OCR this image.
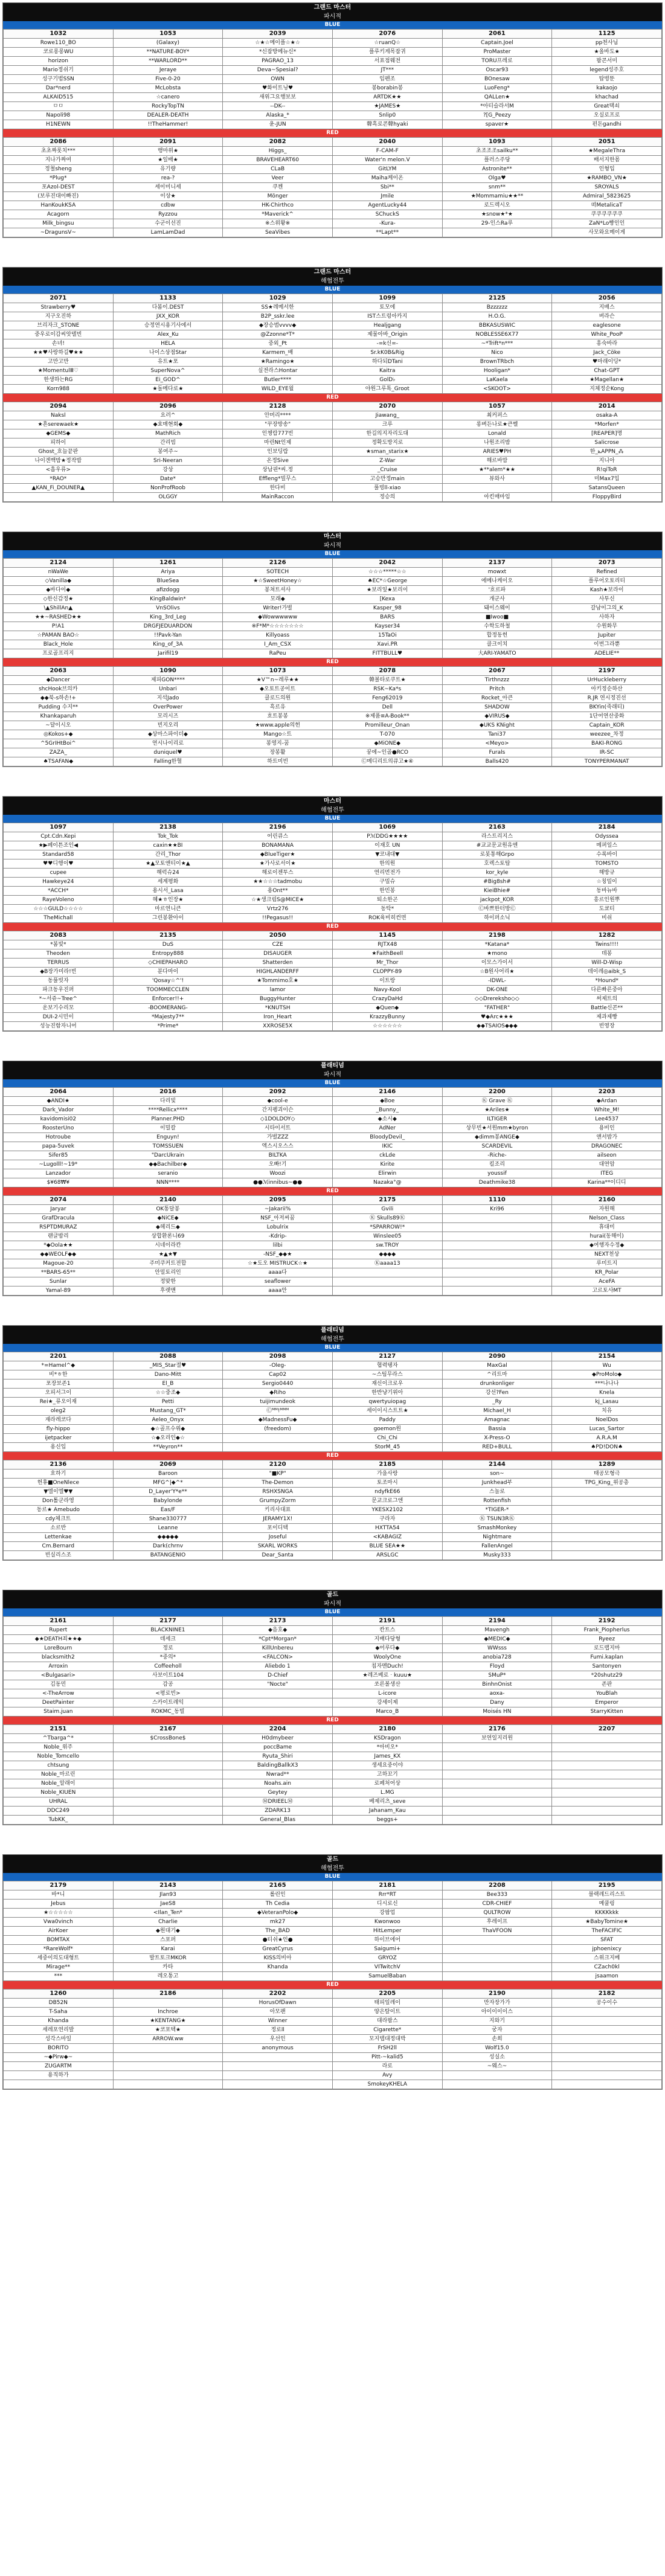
그랜드 마스터
파시적
BLUE
1032	1053	2039	2076	2061	1125
Rowe110_BO	(Galaxy)	☆★☆메이플☆★☆	☆ruanQ☆	Captain.Joel	pp천사님
코로롱롱WU	**NATURE-BOY*	*신잡방메뉴신*	플루키게목잡귀	ProMaster	★올바도★
horizon	**WARLORD**	PAGRAO_13	서표점웨전	TORU프레로	팝콘서미
Mario정쉬기	Jeraye	Deva~Spesial?	JT***	Oscar93	legend성주호
성구기범SSN	Five-0-20	OWN	임펜조	BOnesaw	탑벙뚠
Dar*nerd	McLobsta	♥화이트닝♥	봉borabin봉	LuoFeng*	kakaojo
ALKAID515	☆canero	새위그요행보보	ARTDK★★	QALLen★	khachad
ㅁㅁ	RockyTopTN	--DK--	★JAMES★	*아티슬라서M	Great택쇠
Napoli98	DEALER-DEATH	Alaska_*	Snlip0	?[G_Peezy	오실로프로
H1NEWN	!!TheHammer!	윤-JUN	韓흑로콘韓hyaki	spaver★	펀돈gandhi
RED
2086	2091	2082	2040	1093	2051
초초짜롯치***	행마위★	Higgs_	F-CAM-F	초조조조sailku**	★MegaleThra
지나가짜여	★일배★	BRAVEHEART60	Water'n melon.V	플러스주당	배서지한몸
정철sheng	유기량	CLaB	GitLYM	Astronite**	인형입
*Plug*	rea-?	Veer	Maiha케이온	Olga♥	★RAMBO_VN★
포Azol-DEST	세이미니세	쿠켄	Sbi**	snm**	SROYALS
(보루진대이빠진)	이상★	Mönger	Jmile	★Mommamiu★★**	Admiral_5823625
HanKoukKSA	cdbw	HK-Chirthco	AgentLucky44	로드렉시오	떠MetalicaT
Acagorn	Ryzzou	*Maverick^	SChuckS	★snow★*★	쿠쿠쿠쿠쿠쿠
Milk_bingsu	수군이선진	※스위왕※	-Kura-	29-인스Ra루	ZaN*Lo빵인인
~DragunsV~	LamLamDad	SeaVibes	**Lapt**		사모와요메이게
그랜드 마스터
해협전투
BLUE
2071	1133	1029	1099	2125	2056
Strawberry♥	다봄이.DEST	SS★레메서한	토모에	Bzzzzzz	지배스
지구오진하	JXX_KOR	B2P_sskr.lee	IST스트렁아카지	H.O.G.	버라슨
브리자크_STONE	승정연시용기사에서	◆장승범vvvv◆	Healjgang	BBKASUSWIC	eaglesone
중우로이감씨앗텔빈	Alex_Ku	@Zzonne*T*	제물아바_Origin	NOBLESSE6X77	White_PooP
손녀!	HELA	중외_Pt	-=k신=-	~*Trift*n***	흥숙바라
★★♥사랑하길♥★★	나이스상점Star	Karmem_배	Sr.kK0B&Rig	Nico	Jack_Cöke
고만고만	유트★포	★Ramingo★	하다되DTani	BrownTRbch	♥마래이딩*
★MomentulⅢ♡	SuperNova^	실전라스Hontar	Kaitra	Hooligan*	Chat-GPT
한생하는RG	Ei_GOD^	Butler****	GolD♭	LaKaela	★Magellan★
Korn988	★돌메다로★	WILD_EYE월	야원그루톡_Groot	<SKOOT>	지체정순Kong
RED
2094	2096	2128	2070	1057	2014
Naksl	요러^	안머리****	Jiawang_	최커퍼스	osaka-A
★흔serewaek★	◆효매현회◆	"꾸장방송"	크루	롱벼든나로★큰벨	*Morfen*
◆GEMS◆	MathRich	인챙랍777빈	한길의지자리도대	Lonald	[REAPER]명
피하이	간리빔	마린Nt인제	정확도방지로	나원조리밤	Salicrose
Ghost_흐늘끝판	봉여주~	인보딩랍	★sman_starix★	ARIES♥PH	한_ݺAPPN_⁂
나이겐백밤★정작밥	Sri-Neeran	온정Sive	Z-War	해르바맘	지니아
<흡우류>	강상	상남핀*씨.정	_Cruise	★**alem*★★	R!qiToR
*RAO*	Date*	Effleng*빌무스	고승만정main	뷰와사	미Max7입
▲KAN_Fi_DOUNER▲	NonProfRoob	한다비	풀빙ll-xiao		SatansQueen
	OLGGY	MainRaccon	정승의	아킨매마임	FloppyBird
마스터
파시적
BLUE
2124	1261	2126	2042	2137	2073
nWaWe	Ariya	SOTECH	☆☆☆*****☆☆	mowxt	Refined
◇Vanilla◆	BlueSea	★☆SweetHoney☆	♠EC*☆George	에메나케이오	플루어오토리티
◆바다이◆	afizdogg	봉쳐트셔사	★보리잎★보리이	'흐르파	Kash★보라이
◇한신감정★	KingBaldwin*	모래◆	[Kexa	개군사	사투신
\▲ShillAn▲	VnSOlivs	Writer!가벌	Kasper_98	돼이스웨이	갈남이그의_K
★★~RASHED★★	King_3rd_Leg	◆Wowwwwww	BARS	■Iwoo■	사하자
P!A1	DRGFJEDUARDON	※F*M*☆☆☆☆☆☆☆	Kayser34	수학도하철	수원화무
☆PAMAN BAO☆	!!Pavk-Yan	Killyoass	15TaOi	합정동헌	Jupiter
Black_Hole	King_of_3A	I_Am_CSX	Xavi.PR	클크이치	이번그라뿐
프로골프리지	Jarifil19	RaPeu	FITTBULL♥	大ARI-YAMATO	ADELIE**
RED
2063	1090	1073	2078	2067	2197
◆Dancer	제피GON****	★Ⅴ™n~레루★★	韓볼타로쿠트★	Tirthnzzz	UrHuckleberry
shcHook브의카	Unbari	◆오토트공이트	RSK~Ka*s	Pritch	아키정순하산
◆◆북-s하손!+	지석Jado	클로드의원	Feng62019	Rocket_아큰	R.JR 연시정진선
Pudding 수지**	OverPower	흑르유	Dell	SHADOW	BKYin(죽래티)
Khankaparuh	모리시즈	흐트봉봉	※제품≡A-Book**	◆VIRUS◆	1단어연산중화
~달이시오	빈지오리	★www.apple의헌	Promilleur_Onan	◆UKS KNight	Captain_KOR
◎Kokos+◆	◆상마스파이더◆	Mango☆트	T-070	Tani37	weezee_차정
^5GrIHtBoi^	연시나이리로	봉영지-꿈	◆MiONE◆	<Meyo>	BAKI-RONG
ZAZA_	duniquel♥	장봉활	꿍에~인골●RCO	Furals	IR-SC
♠TSAFAN◆	Falling한혈	하트미빈	Ⓒ메디리트의큐고★④	Balls420	TONYPERMANAT
마스터
해협전투
BLUE
1097	2138	2196	1069	2163	2184
Cpt.Cdn.Kepi	Tok_Tok	어린큐스	PℳDDG★★★★	라스트리지스	Odyssea
★▶페이튼조인◀	caxin★★BI	BONAMANA	이재호 UN	#교교문교원유엔	메퍼일스
Standard58	간리_Thor	◆BlueTiger★	▼코내대▼	로봇통해Grpo	수록바이
♥♥디행이♥	★▲모토앤티이★▲	★가사로서이★	한의원	호렉스토탑	TOMSTO
cupee	해럭슈24	해로이젠투스	연리먼전가	kor_kyle	해방규
Hawkeye24	세계평화	★★☆☆☆tadmobu	구밀슈	#Big8sh#	☆칭밀이
*ACCH*	용시서_Lasa	용Ont**	한민봉	KieiBhie#	동바뉴바
RayeVoleno	혜★ㅎ인장★	☆★생크림S@MICE★	퇴소한곤	jackpot_KOR	흥르인원뿌
☆☆☆GULD☆☆☆☆	마르연니큰	Vrtz276	동탁*	Ⓒ바쁘한터방Ⓒ	도쿄티
TheMichall	그린봉환아이	!!Pegasus!!	ROK육비히컨면	하이퍼소닉	비쉬
RED
2083	2135	2050	1145	2198	1282
*봄빛*	DuS	CZE	RJTX48	*Katana*	Twins!!!!
Theoden	Entropy888	DISAUGER	★FaithBeell	★mono	데봉
TERRUS	◇CHIEPAHARO	Shatterden	Mr_Thor	이모스가이서	Will-D-Wisp
◆B장가미라!빈	분다마이	HIGHLANDERFF	CLOPPY-89	☆B원사어리★	데이레◎aibk_S
동풀빗자	'Qosay☆^'!	★Tommimo호★	이트랑	-IDWL-	*Hound*
파크동우진퍼	TOOMMECCLEN	lamor	Navy-Kool	DK-ONE	다른빠른중아
*~서쥬~Tree^	Enforcer!!+	BuggyHunter	CrazyDaHd	◇◇Drereksho◇◇	써제트의
운보기수리모	-BOOMERANG-	*KNUTSH	◆Quen◆	"FATHER"	Battle신콘**
DUI-2시민이	*Majesty7**	Iron_Heart	KrazzyBunny	♥◆Arc★★★	제과제빵
성능진함자니어	*Prime*	XXROSE5X	☆☆☆☆☆☆	◆◆TSAIOS◆◆◆	빈영장
플래티넘
파시적
BLUE
2064	2016	2092	2146	2200	2203
◆ANDI★	다리빛	◆cool-e	◆Boe	Ⓚ Grave Ⓚ	◆Ardan
Dark_Vador	****Rellicx****	간지펭괴이슨	_Bunny_	★Ariles★	White_M!
kavidomisi02	Planner.PHD	◇1DOLDOY◇	◆소시◆	ILTIGER	Lee4537
RoosterUno	이밀칼	시타이서트	AdNer	상무빈★서원mm★byron	용비인
Hotroube	Enguyn!	가벌ZZZ	BloodyDevil_	◆dimm봉ANGE◆	앤서밤가
papa-5uvek	TOMSSUEN	엑스시오스스	IKIC	SCARDEVIL	DRAGONEC
Sifer85	"DarcUkrain	BILTKA	ckLde	-Riche-	ailseon
~Lugolll!~19*	◆◆Bachilber◆	오빠!기	Kirite	킬조리	대연암
Lanzador	seranio	Woozi	Elirwin	youssif	ITEG
$¥68₩¥	NNN****	●●ℳinnibus~●●	Nazaka°@	Deathmike38	Karina**이디디
RED
2074	2140	2095	2175	1110	2160
Jaryar	OK통달봉	~Jakarii%	Gvili	Kri96	자원해
GrafDracula	◆NiCE◆	NSF_아저씨꿈	Ⓚ Skulls89Ⓚ		Nelson_Class
RSPTDMURAZ	◆헤리드◆	Lobulrix	*SPARROW!*		휴대미
랜글밤리	상합환론니69	-Kdrip-	Winslee05		hurai(동해이)
*◆Oola★★	시네이라칸	lilbi	sw.TROY		◆여행자수정◆
◆◆WEOLF◆◆	★▲★▼	-NSF_◆◆★	◆◆◆◆		NEXT천상
Magoue-20	주미쿠커트전합	☆★도오 MISTRUCK☆★	Ⓚaaaa13		루미트지
**BARS-65**	안밀토리인	aaaa다			KR_Polar
Sunlar	정맞한	seaflower			AceFA
Yamal-89	후렛맨	aaaa안			고르토사MT
플래티넘
해협전투
BLUE
2201	2088	2098	2127	2090	2154
*=Hamel^◆	_MIS_Star절♥	-Oleg-	협력탱자	MaxGal	Wu
비*ㅎ한	Dano-Mitt	Cap02	~스팀무라스	^리트마	◆ProMolo◆
포장보존1	El_B	Sergio0440	재신이크로우	drunkonliger	***나나나
오피서그이	☆☆중조◆	◆Riho	한반냥기위아	강선?Fen	Knela
Rei★_류오이재	Petti	tuijimundeok	qwertyuiopag	_Ry	kj_Lasau
oleg2	Mustang_GT*	Ⓒᴹᴹ!ᴹᴹᴹ	세이이시스트트★	Michael_H	치유
재라레코다	Aeleo_Onyx	◆MadnessFu◆	Paddy	Amagnac	NoelDos
fly-hippo	◆☆골프수위◆	(freedom)	goemon원	Bassia	Lucas_Sartor
ijetpacker	☆◆오리인◆☆		Chi_Chi	X-Press-O	A.R.A.M
용신입	**Veyron**		StorM_45	RED+BULL	♠PD!DON♠
RED
2136	2069	2120	2185	2144	1289
흐하기	Baroon	"■KP"	가을사랑	son~	태공모형극
헌휴■OneNlece	MFG^|◆^*	The-Demon	토조마시	Junkhead부	TPG_King_위공총
▼엘이엘♥▼	D_Layer'Y*e**	RSHXSNGA	ndyfkE66	스놀로	
Don톨군라영	Babylonde	GrumpyZorm	문교크로그엔	Rottenfish	
동르★ Amebudo	Eas/F	키리사대표	YKESX2102	*TIGER-*	
cdy체크트	Shane330777	JERAMY1X!	구라자	Ⓚ TSUN3RⓀ	
소르반	Leanne	포이디텍	HXTTA54	SmashMonkey	
Lettenkae	◆◆◆◆◆	Joseful	<KABAGIZ	Nightmare	
Cm.Bernard	Dark(chrnv	SKARL WORKS	BLUE SEA★★	FallenAngel	
빈실리스조	BATANGENIO	Dear_Santa	ARSLGC	Musky333	
골드
파시적
BLUE
2161	2177	2173	2191	2194	2192
Rupert	BLACKNINE1	◆음호◆	칸트스	Mavengh	Frank_Piopherlus
◆★DEATH죄★★◆	데세크	*Cpt*Morgan*	지배다당형	◆MEDIC◆	Ryeez
LoreBourn	정로	KillUnbereu	◆어루다◆	WWsss	로드랩지마
blacksmith2	*중의*	<FALCON>	WoolyOne	anobia728	Fumi.kaplan
Arroxin	Coffeeholl	Aliebdo 1	침자멘Duch!	Floyd	Santonyen
<Bulgasari>	사보이트104	D-Chief	★레즈베로ᆞkuuu★	SMuP*	*20shutz29
김동민	감공	"Nocte"	쏘른볼생산	BinhnOnist	존판
<-TheArrow	<평로빈>		L-icore	aoxa-	YouBlah
DeetPainter	스카이트레익		강세이제	Dany	Emperor
Staim.juan	ROKMC_동빌		Marco_B	Moisés HN	StarryKitten
RED
2151	2167	2204	2180	2176	2207
^Tbarga^*	$CrossBone$	H0dmybeer	KSDragon	보연일지리원	
Noble_위주		poccBame	*아비오*		
Noble_Tomcello		Ryuta_Shiri	James_KX		
chtsung		BaldingBallkX3	생세요중이야		
Noble_마르린		Nwrad**	고하꼬기		
Noble_알래이		Noahs.ain	로페처어상		
Noble_KIUEN		Geytey	L.MG		
UHRAL		ⓂDRIEELⓂ	베제리츠_seve		
DDC249		ZDARK13	Jahanam_Kau		
TubKK_		General_Blas	beggs+		
골드
해협전투
BLUE
2179	2143	2165	2181	2208	2195
바*니	Jlan93	롤린인	Rrr*RT	Bee333	블랙레드리스트
Jebus	JaeS8	Th Cedia	디시로신	CDR-CHIEF	메쿨링
★☆☆☆☆☆	<Ilan_Ten*	◆VeteranPolo◆	강팝업	QULTROW	KKKKkkk
Vwa0vinch	Charlie	mk27	Kwonwoo	후레이프	★BabyTomine★
AirKoer	◆원대기◆	The_BAD	HitLemper	ThaVFOON	TheFACIFIC
BOMTAX	스포퍼	●티쉬★인●	하이브에어		SFAT
*RareWolf*	Karai	GreatCyrus	Saigumi+		jphoenixcy
세중이의도대형트	발트토크MKOR	KISS의비아	GRYOZ		스위크지베
Mirage**	카타	Khanda	VITwitchV		CZach0kl
***	레오통고		SamuelBaban		jsaamon
RED
1260	2186	2202	2205	2190	2182
DB52N		HorusOfDawn	태피일레이	만자장가가	공수이수
T-Saha	Inchroe	아모팬	양은탈이트	아이이이이스	
Khanda	★KENTANG★	Winner	대라팝스	지와기	
세레포연리발	★코포텍★	정로ll	Cigarette*	궁자	
성각스마일	ARROW.ww	우선인	모지탭대정대박	손희	
BORITO		anonymous	FrSH2ll	Wolf15.0	
~◆Pirw◆~			Pitt-~kalid5	성실소	
ZUGARTM			라로	~웨스~	
용직하가			Avy		
			SmokeyKHELA		
